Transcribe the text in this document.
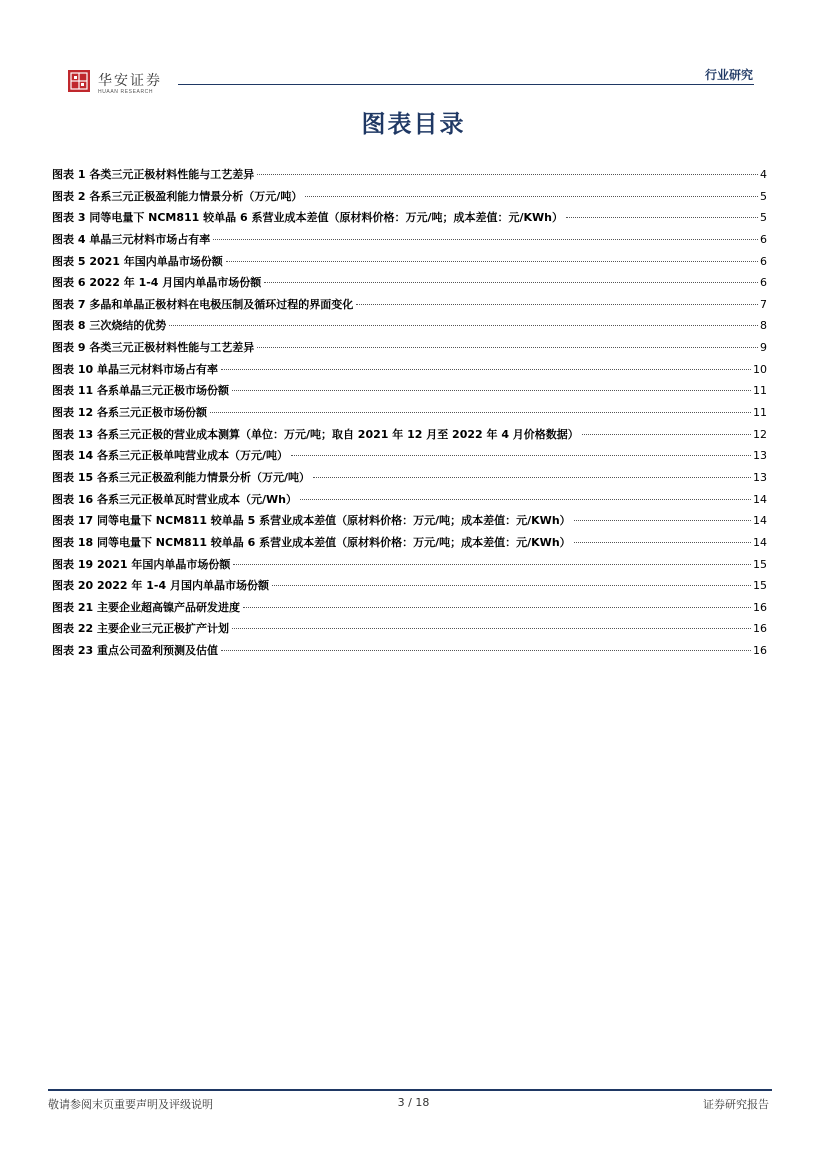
华安证券
HUAAN RESEARCH
行业研究
图表目录
图表 1 各类三元正极材料性能与工艺差异	4
图表 2 各系三元正极盈利能力情景分析（万元/吨）	5
图表 3 同等电量下 NCM811 较单晶 6 系营业成本差值（原材料价格：万元/吨；成本差值：元/KWh）	5
图表 4 单晶三元材料市场占有率	6
图表 5 2021 年国内单晶市场份额	6
图表 6 2022 年 1-4 月国内单晶市场份额	6
图表 7 多晶和单晶正极材料在电极压制及循环过程的界面变化	7
图表 8 三次烧结的优势	8
图表 9 各类三元正极材料性能与工艺差异	9
图表 10 单晶三元材料市场占有率	10
图表 11 各系单晶三元正极市场份额	11
图表 12 各系三元正极市场份额	11
图表 13 各系三元正极的营业成本测算（单位：万元/吨；取自 2021 年 12 月至 2022 年 4 月价格数据）	12
图表 14 各系三元正极单吨营业成本（万元/吨）	13
图表 15 各系三元正极盈利能力情景分析（万元/吨）	13
图表 16 各系三元正极单瓦时营业成本（元/Wh）	14
图表 17 同等电量下 NCM811 较单晶 5 系营业成本差值（原材料价格：万元/吨；成本差值：元/KWh）	14
图表 18 同等电量下 NCM811 较单晶 6 系营业成本差值（原材料价格：万元/吨；成本差值：元/KWh）	14
图表 19 2021 年国内单晶市场份额	15
图表 20 2022 年 1-4 月国内单晶市场份额	15
图表 21 主要企业超高镍产品研发进度	16
图表 22 主要企业三元正极扩产计划	16
图表 23 重点公司盈利预测及估值	16
敬请参阅末页重要声明及评级说明	3 / 18	证券研究报告
